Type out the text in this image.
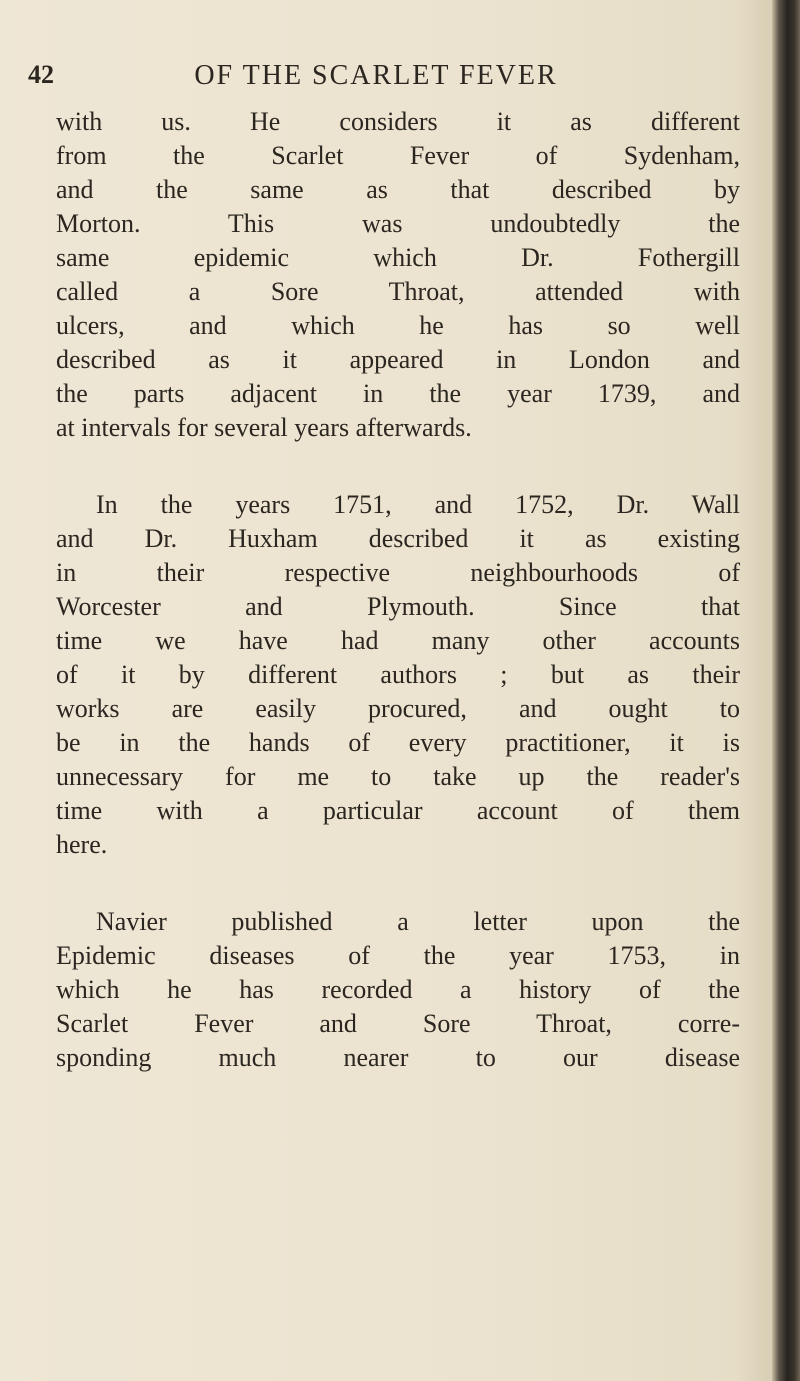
42	OF THE SCARLET FEVER
with us. He considers it as different
from the Scarlet Fever of Sydenham,
and the same as that described by
Morton. This was undoubtedly the
same epidemic which Dr. Fothergill
called a Sore Throat, attended with
ulcers, and which he has so well
described as it appeared in London and
the parts adjacent in the year 1739, and
at intervals for several years afterwards.
In the years 1751, and 1752, Dr. Wall
and Dr. Huxham described it as existing
in their respective neighbourhoods of
Worcester and Plymouth. Since that
time we have had many other accounts
of it by different authors ; but as their
works are easily procured, and ought to
be in the hands of every practitioner, it is
unnecessary for me to take up the reader's
time with a particular account of them
here.
Navier published a letter upon the
Epidemic diseases of the year 1753, in
which he has recorded a history of the
Scarlet Fever and Sore Throat, corre-
sponding much nearer to our disease
